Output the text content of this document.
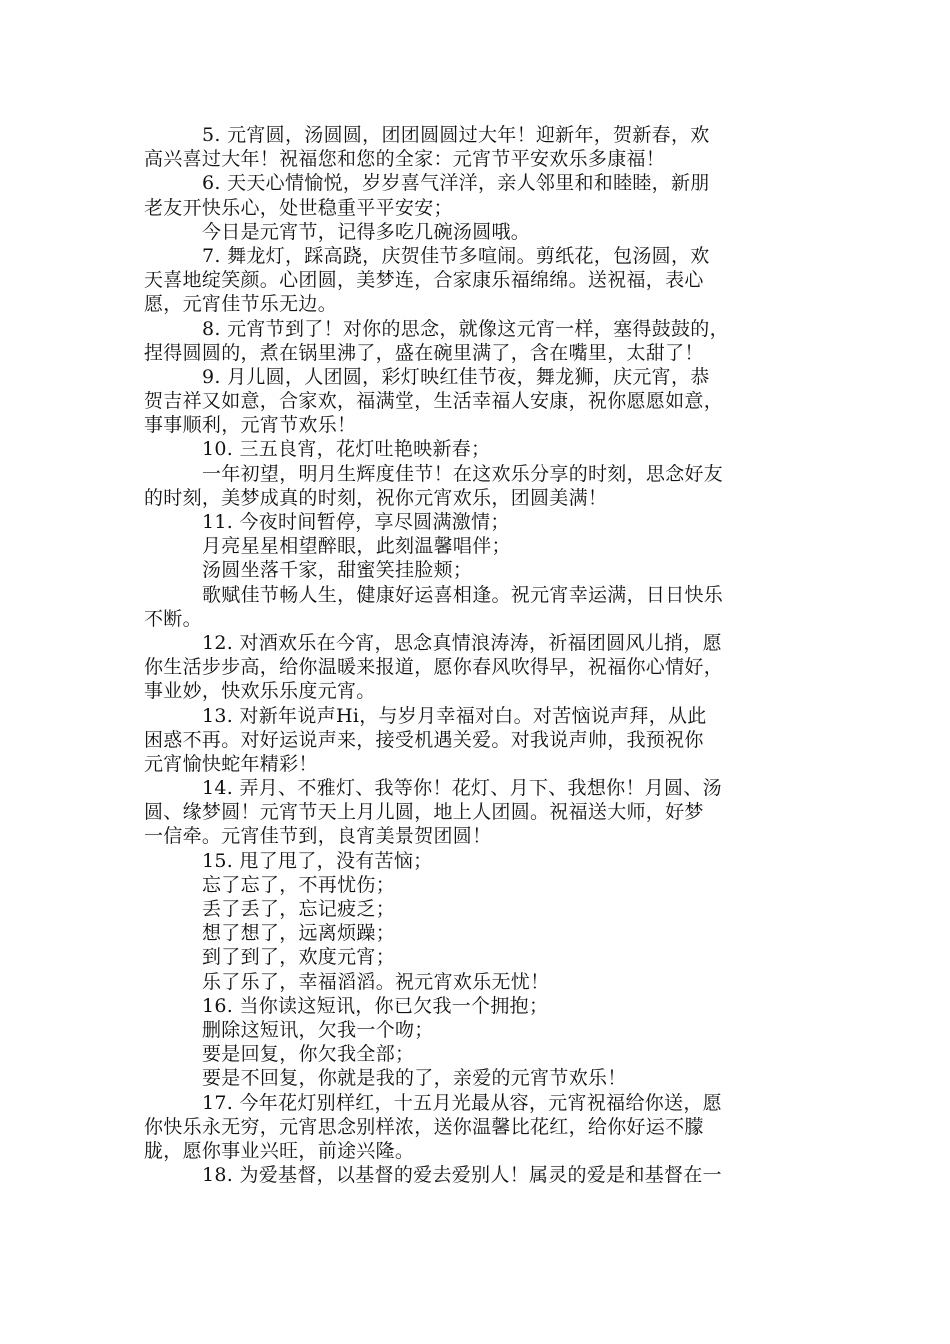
5. 元宵圆，汤圆圆，团团圆圆过大年！迎新年，贺新春，欢
高兴喜过大年！祝福您和您的全家：元宵节平安欢乐多康福！
6. 天天心情愉悦，岁岁喜气洋洋，亲人邻里和和睦睦，新朋
老友开快乐心，处世稳重平平安安；
今日是元宵节，记得多吃几碗汤圆哦。
7. 舞龙灯，踩高跷，庆贺佳节多喧闹。剪纸花，包汤圆，欢
天喜地绽笑颜。心团圆，美梦连，合家康乐福绵绵。送祝福，表心
愿，元宵佳节乐无边。
8. 元宵节到了！对你的思念，就像这元宵一样，塞得鼓鼓的，
捏得圆圆的，煮在锅里沸了，盛在碗里满了，含在嘴里，太甜了！
9. 月儿圆，人团圆，彩灯映红佳节夜，舞龙狮，庆元宵，恭
贺吉祥又如意，合家欢，福满堂，生活幸福人安康，祝你愿愿如意，
事事顺利，元宵节欢乐！
10. 三五良宵，花灯吐艳映新春；
一年初望，明月生辉度佳节！在这欢乐分享的时刻，思念好友
的时刻，美梦成真的时刻，祝你元宵欢乐，团圆美满！
11. 今夜时间暂停，享尽圆满激情；
月亮星星相望醉眼，此刻温馨唱伴；
汤圆坐落千家，甜蜜笑挂脸颊；
歌赋佳节畅人生，健康好运喜相逢。祝元宵幸运满，日日快乐
不断。
12. 对酒欢乐在今宵，思念真情浪涛涛，祈福团圆风儿捎，愿
你生活步步高，给你温暖来报道，愿你春风吹得早，祝福你心情好，
事业妙，快欢乐乐度元宵。
13. 对新年说声Hi，与岁月幸福对白。对苦恼说声拜，从此
困惑不再。对好运说声来，接受机遇关爱。对我说声帅，我预祝你
元宵愉快蛇年精彩！
14. 弄月、不雅灯、我等你！花灯、月下、我想你！月圆、汤
圆、缘梦圆！元宵节天上月儿圆，地上人团圆。祝福送大师，好梦
一信牵。元宵佳节到，良宵美景贺团圆！
15. 甩了甩了，没有苦恼；
忘了忘了，不再忧伤；
丢了丢了，忘记疲乏；
想了想了，远离烦躁；
到了到了，欢度元宵；
乐了乐了，幸福滔滔。祝元宵欢乐无忧！
16. 当你读这短讯，你已欠我一个拥抱；
删除这短讯，欠我一个吻；
要是回复，你欠我全部；
要是不回复，你就是我的了，亲爱的元宵节欢乐！
17. 今年花灯别样红，十五月光最从容，元宵祝福给你送，愿
你快乐永无穷，元宵思念别样浓，送你温馨比花红，给你好运不朦
胧，愿你事业兴旺，前途兴隆。
18. 为爱基督，以基督的爱去爱别人！属灵的爱是和基督在一
